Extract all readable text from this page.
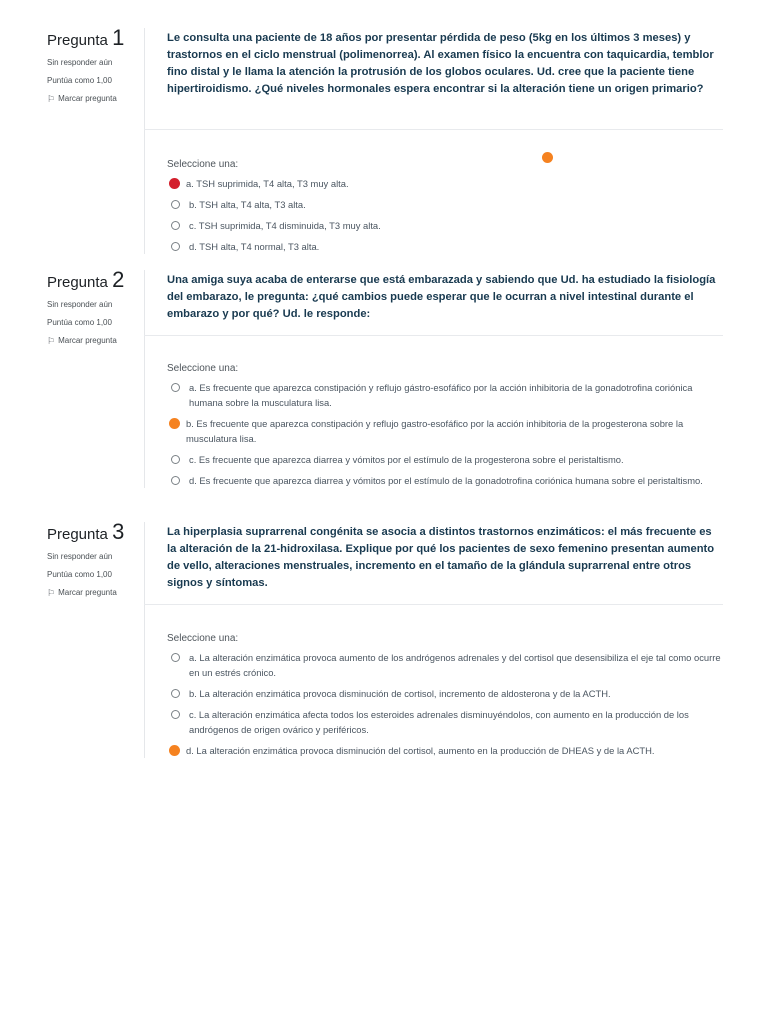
Pregunta 1
Sin responder aún
Puntúa como 1,00
⚐ Marcar pregunta

Le consulta una paciente de 18 años por presentar pérdida de peso (5kg en los últimos 3 meses) y trastornos en el ciclo menstrual (polimenorrea). Al examen físico la encuentra con taquicardia, temblor fino distal y le llama la atención la protrusión de los globos oculares. Ud. cree que la paciente tiene hipertiroidismo. ¿Qué niveles hormonales espera encontrar si la alteración tiene un origen primario?

Seleccione una:

a. TSH suprimida, T4 alta, T3 muy alta.
b. TSH alta, T4 alta, T3 alta.
c. TSH suprimida, T4 disminuida, T3 muy alta.
d. TSH alta, T4 normal, T3 alta.
Pregunta 2
Sin responder aún
Puntúa como 1,00
⚐ Marcar pregunta

Una amiga suya acaba de enterarse que está embarazada y sabiendo que Ud. ha estudiado la fisiología del embarazo, le pregunta: ¿qué cambios puede esperar que le ocurran a nivel intestinal durante el embarazo y por qué? Ud. le responde:

Seleccione una:

a. Es frecuente que aparezca constipación y reflujo gástro-esofáfico por la acción inhibitoria de la gonadotrofina coriónica humana sobre la musculatura lisa.
b. Es frecuente que aparezca constipación y reflujo gastro-esofáfico por la acción inhibitoria de la progesterona sobre la musculatura lisa.
c. Es frecuente que aparezca diarrea y vómitos por el estímulo de la progesterona sobre el peristaltismo.
d. Es frecuente que aparezca diarrea y vómitos por el estímulo de la gonadotrofina coriónica humana sobre el peristaltismo.
Pregunta 3
Sin responder aún
Puntúa como 1,00
⚐ Marcar pregunta

La hiperplasia suprarrenal congénita se asocia a distintos trastornos enzimáticos: el más frecuente es la alteración de la 21-hidroxilasa. Explique por qué los pacientes de sexo femenino presentan aumento de vello, alteraciones menstruales, incremento en el tamaño de la glándula suprarrenal entre otros signos y síntomas.

Seleccione una:

a. La alteración enzimática provoca aumento de los andrógenos adrenales y del cortisol que desensibiliza el eje tal como ocurre en un estrés crónico.
b. La alteración enzimática provoca disminución de cortisol, incremento de aldosterona y de la ACTH.
c. La alteración enzimática afecta todos los esteroides adrenales disminuyéndolos, con aumento en la producción de los andrógenos de origen ovárico y periféricos.
d. La alteración enzimática provoca disminución del cortisol, aumento en la producción de DHEAS y de la ACTH.
